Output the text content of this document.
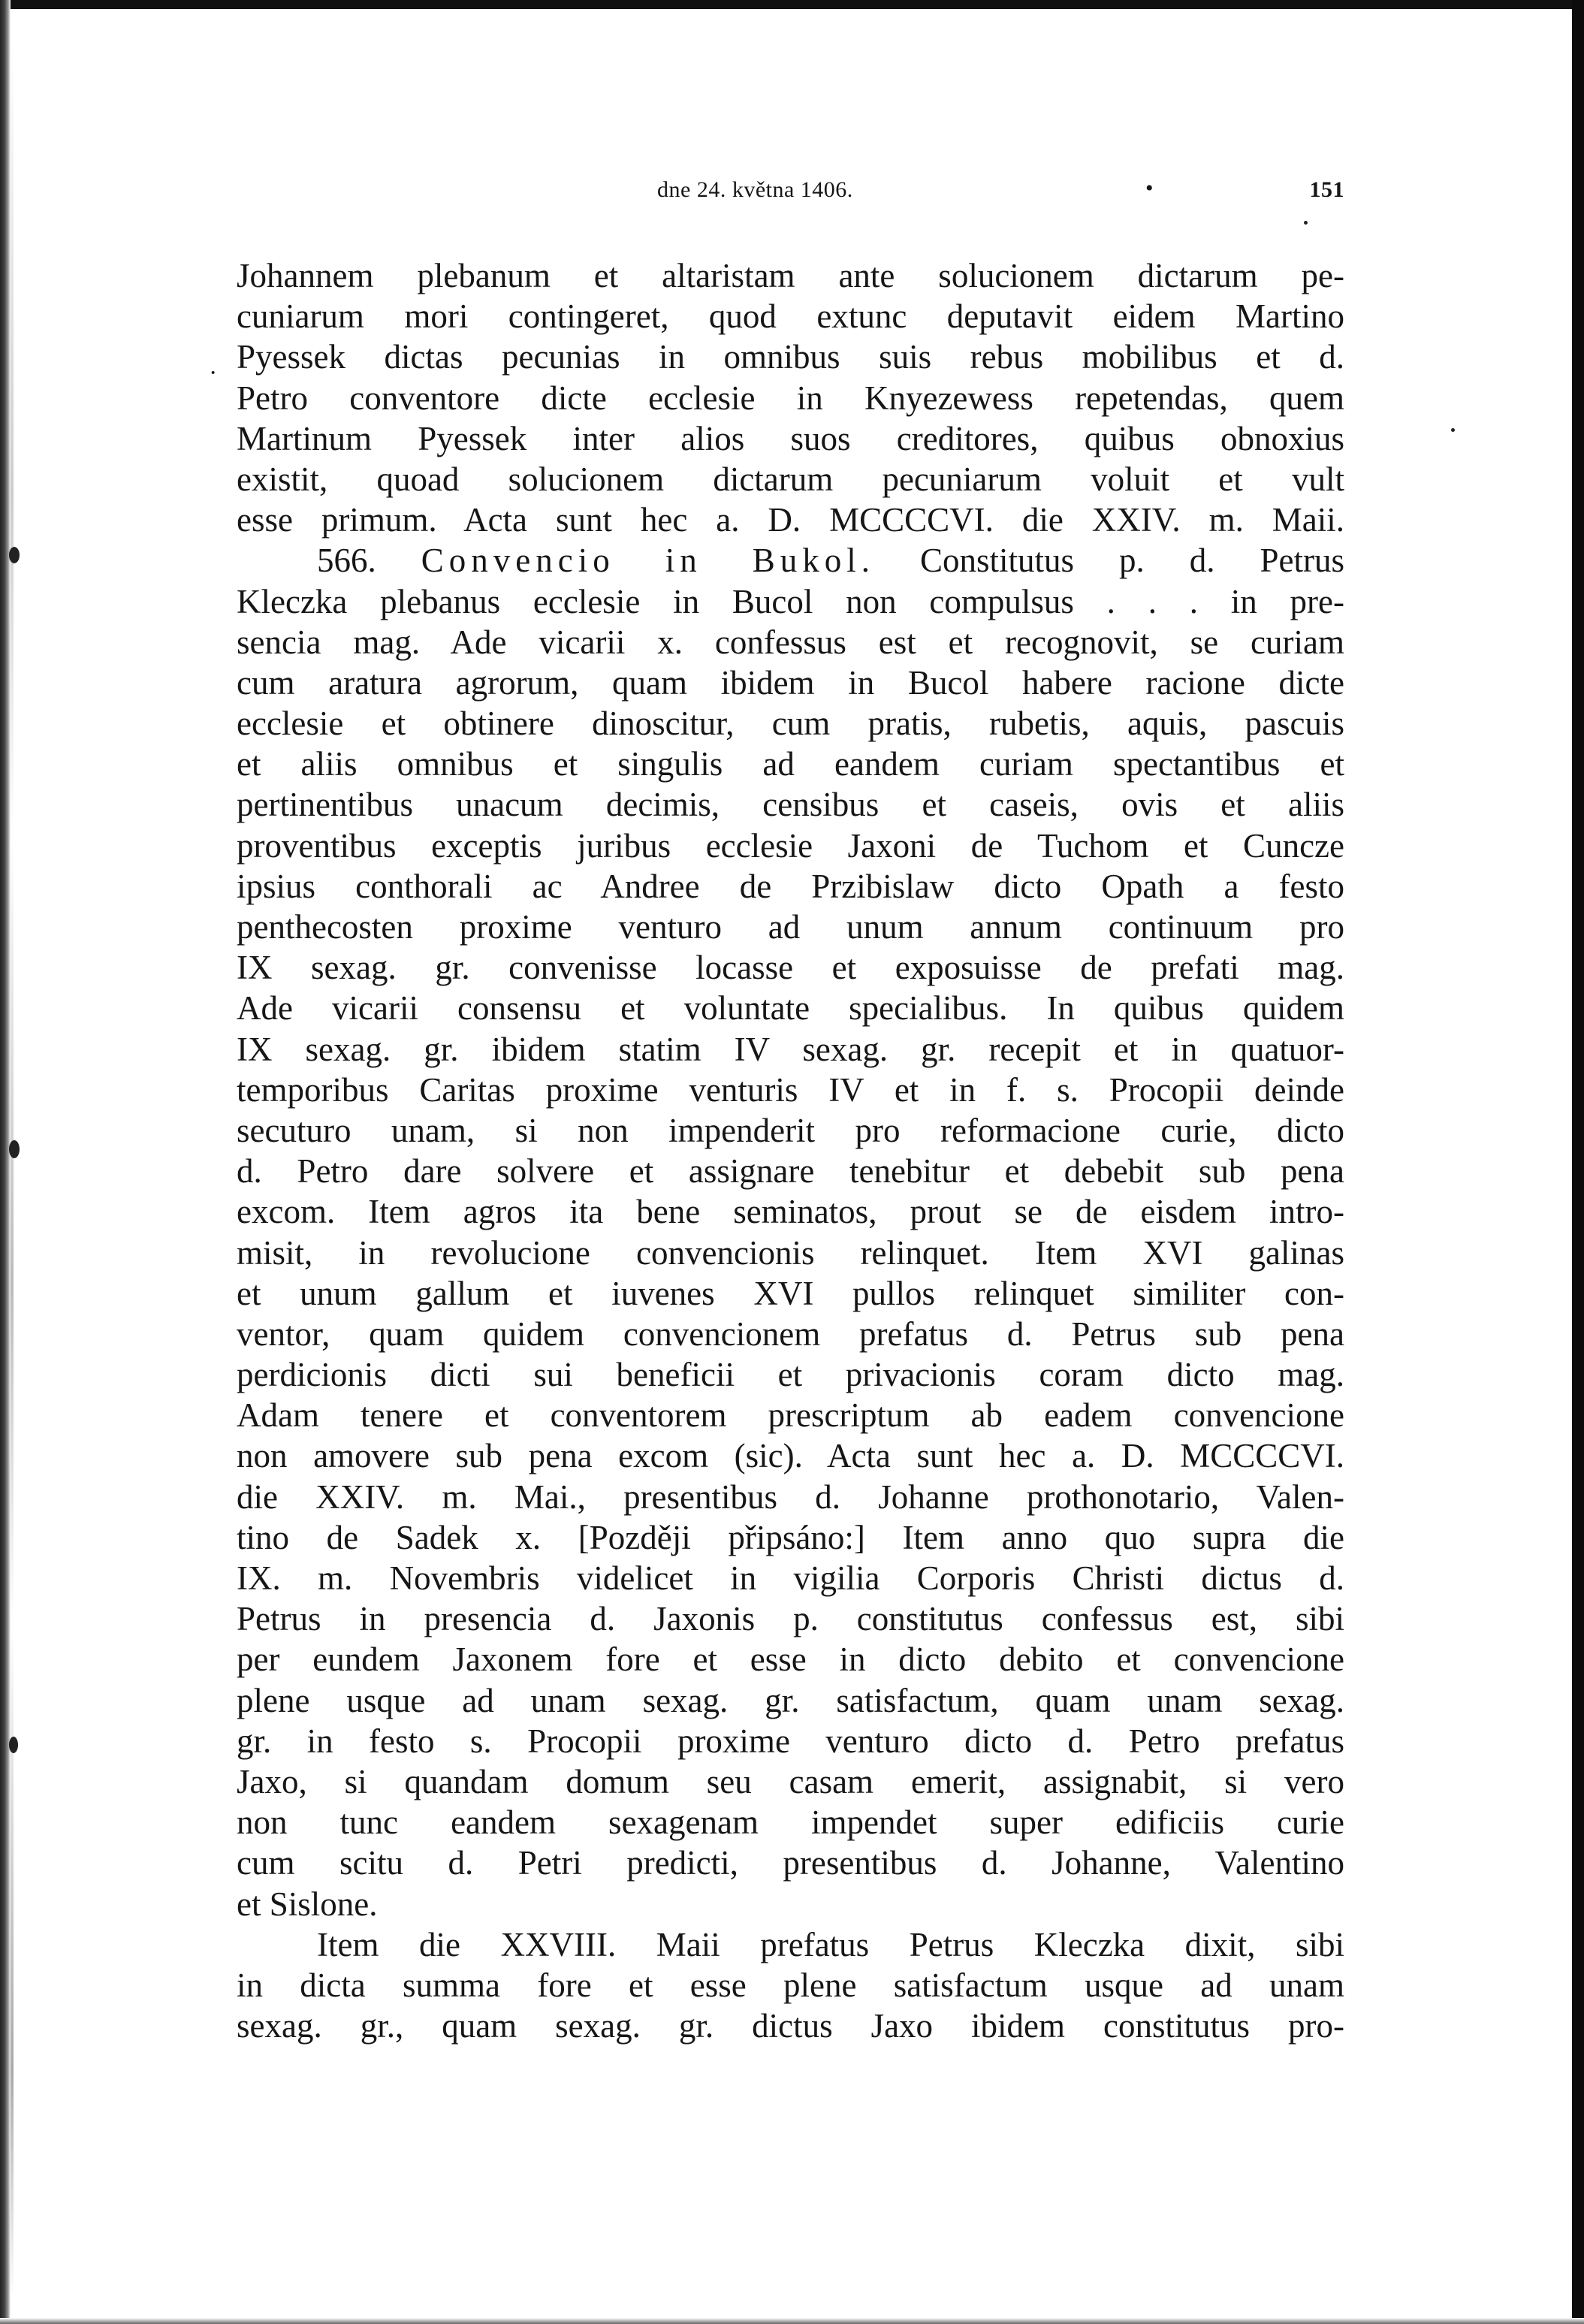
dne 24. května 1406.	•	151
·
Johannem plebanum et altaristam ante solucionem dictarum pe-
cuniarum mori contingeret, quod extunc deputavit eidem Martino
Pyessek dictas pecunias in omnibus suis rebus mobilibus et d.
Petro conventore dicte ecclesie in Knyezewess repetendas, quem
Martinum Pyessek inter alios suos creditores, quibus obnoxius
existit, quoad solucionem dictarum pecuniarum voluit et vult
esse primum. Acta sunt hec a. D. MCCCCVI. die XXIV. m. Maii.
566. Convencio in Bukol. Constitutus p. d. Petrus
Kleczka plebanus ecclesie in Bucol non compulsus . . . in pre-
sencia mag. Ade vicarii x. confessus est et recognovit, se curiam
cum aratura agrorum, quam ibidem in Bucol habere racione dicte
ecclesie et obtinere dinoscitur, cum pratis, rubetis, aquis, pascuis
et aliis omnibus et singulis ad eandem curiam spectantibus et
pertinentibus unacum decimis, censibus et caseis, ovis et aliis
proventibus exceptis juribus ecclesie Jaxoni de Tuchom et Cuncze
ipsius conthorali ac Andree de Przibislaw dicto Opath a festo
penthecosten proxime venturo ad unum annum continuum pro
IX sexag. gr. convenisse locasse et exposuisse de prefati mag.
Ade vicarii consensu et voluntate specialibus. In quibus quidem
IX sexag. gr. ibidem statim IV sexag. gr. recepit et in quatuor-
temporibus Caritas proxime venturis IV et in f. s. Procopii deinde
secuturo unam, si non impenderit pro reformacione curie, dicto
d. Petro dare solvere et assignare tenebitur et debebit sub pena
excom. Item agros ita bene seminatos, prout se de eisdem intro-
misit, in revolucione convencionis relinquet. Item XVI galinas
et unum gallum et iuvenes XVI pullos relinquet similiter con-
ventor, quam quidem convencionem prefatus d. Petrus sub pena
perdicionis dicti sui beneficii et privacionis coram dicto mag.
Adam tenere et conventorem prescriptum ab eadem convencione
non amovere sub pena excom (sic). Acta sunt hec a. D. MCCCCVI.
die XXIV. m. Mai., presentibus d. Johanne prothonotario, Valen-
tino de Sadek x. [Později připsáno:] Item anno quo supra die
IX. m. Novembris videlicet in vigilia Corporis Christi dictus d.
Petrus in presencia d. Jaxonis p. constitutus confessus est, sibi
per eundem Jaxonem fore et esse in dicto debito et convencione
plene usque ad unam sexag. gr. satisfactum, quam unam sexag.
gr. in festo s. Procopii proxime venturo dicto d. Petro prefatus
Jaxo, si quandam domum seu casam emerit, assignabit, si vero
non tunc eandem sexagenam impendet super edificiis curie
cum scitu d. Petri predicti, presentibus d. Johanne, Valentino
et Sislone.
Item die XXVIII. Maii prefatus Petrus Kleczka dixit, sibi
in dicta summa fore et esse plene satisfactum usque ad unam
sexag. gr., quam sexag. gr. dictus Jaxo ibidem constitutus pro-
